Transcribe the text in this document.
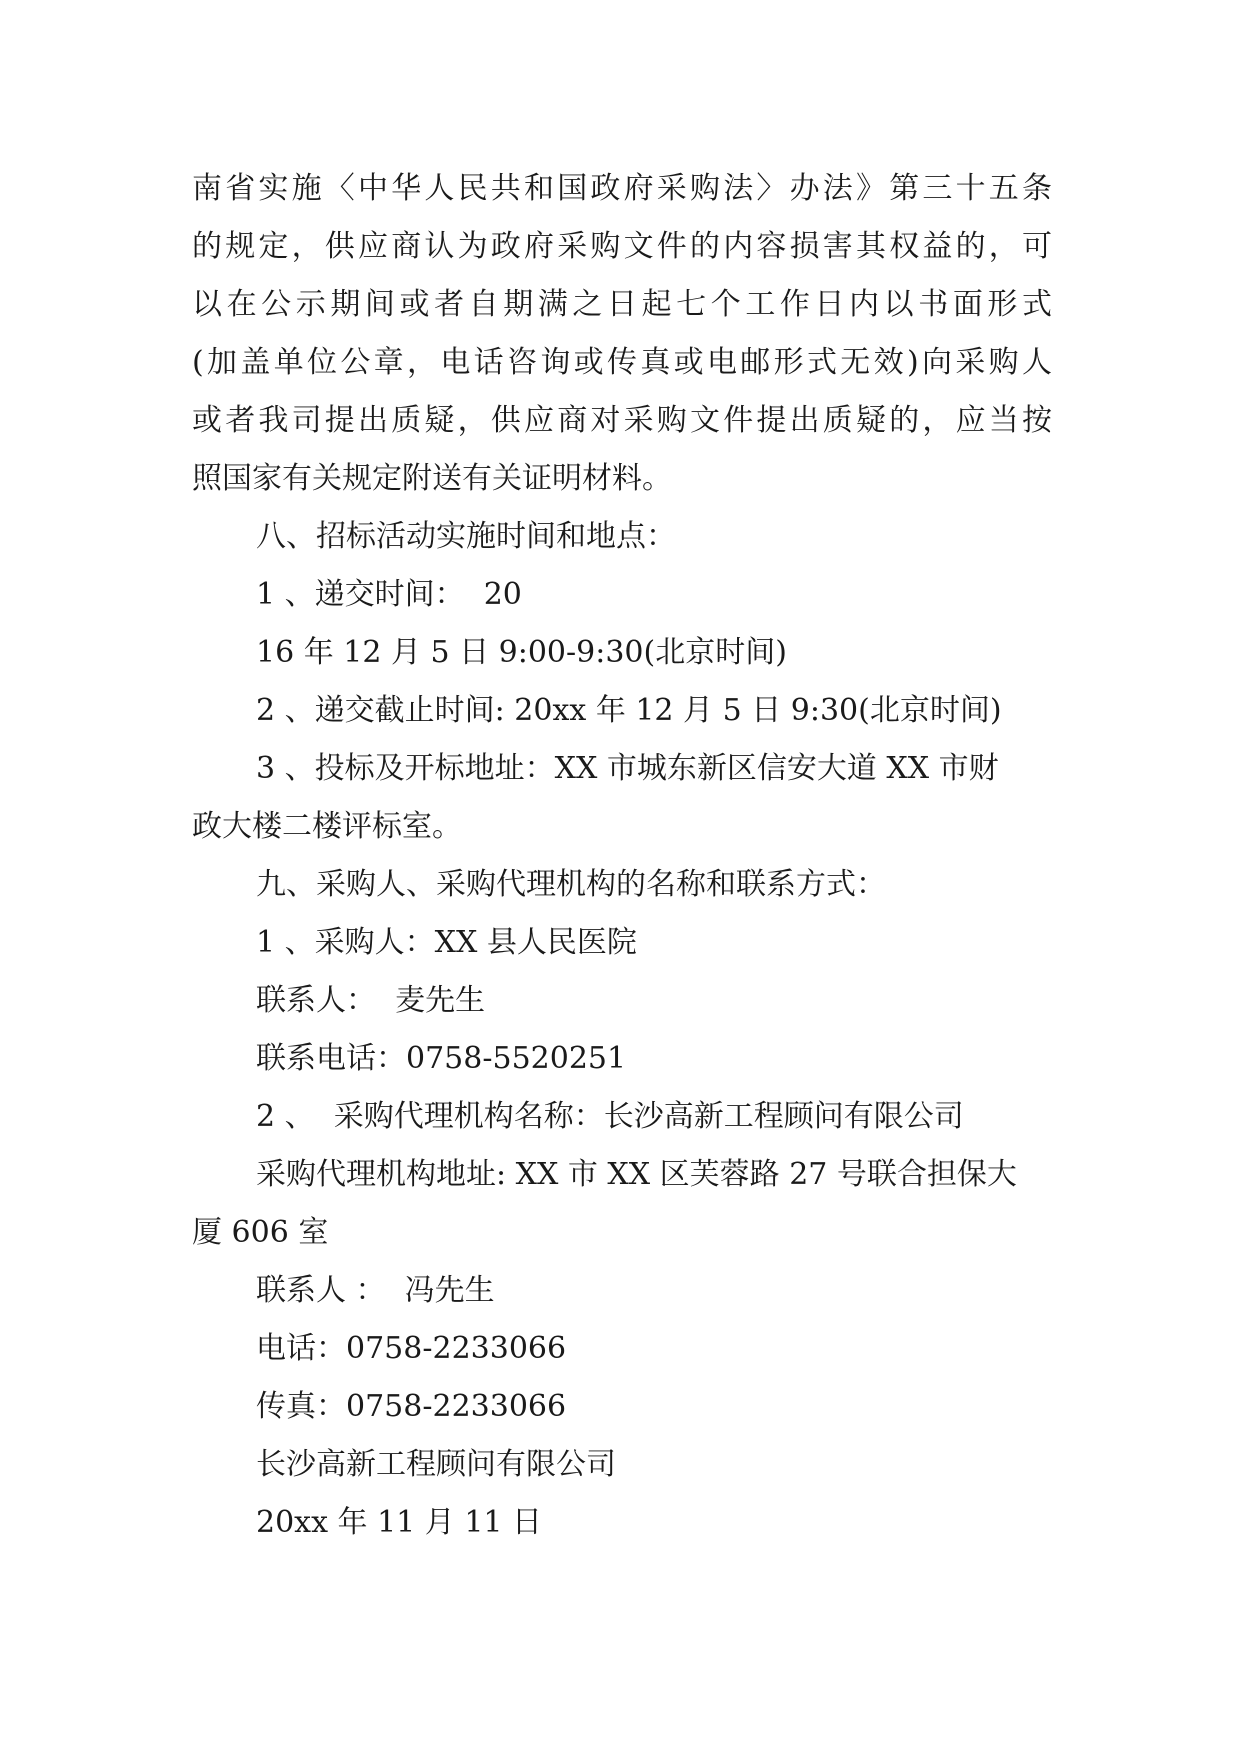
南省实施〈中华人民共和国政府采购法〉办法》第三十五条
的规定，供应商认为政府采购文件的内容损害其权益的，可
以在公示期间或者自期满之日起七个工作日内以书面形式
(加盖单位公章，电话咨询或传真或电邮形式无效)向采购人
或者我司提出质疑，供应商对采购文件提出质疑的，应当按
照国家有关规定附送有关证明材料。
八、招标活动实施时间和地点：
1 、递交时间：  20
16 年 12 月 5 日 9:00-9:30(北京时间)
2 、递交截止时间: 20xx 年 12 月 5 日 9:30(北京时间)
3 、投标及开标地址：XX 市城东新区信安大道 XX 市财
政大楼二楼评标室。
九、采购人、采购代理机构的名称和联系方式：
1 、采购人：XX 县人民医院
联系人：  麦先生
联系电话：0758-5520251
2 、  采购代理机构名称：长沙高新工程顾问有限公司
采购代理机构地址: XX 市 XX 区芙蓉路 27 号联合担保大
厦 606 室
联系人 ：  冯先生
电话：0758-2233066
传真：0758-2233066
长沙高新工程顾问有限公司
20xx 年 11 月 11 日
